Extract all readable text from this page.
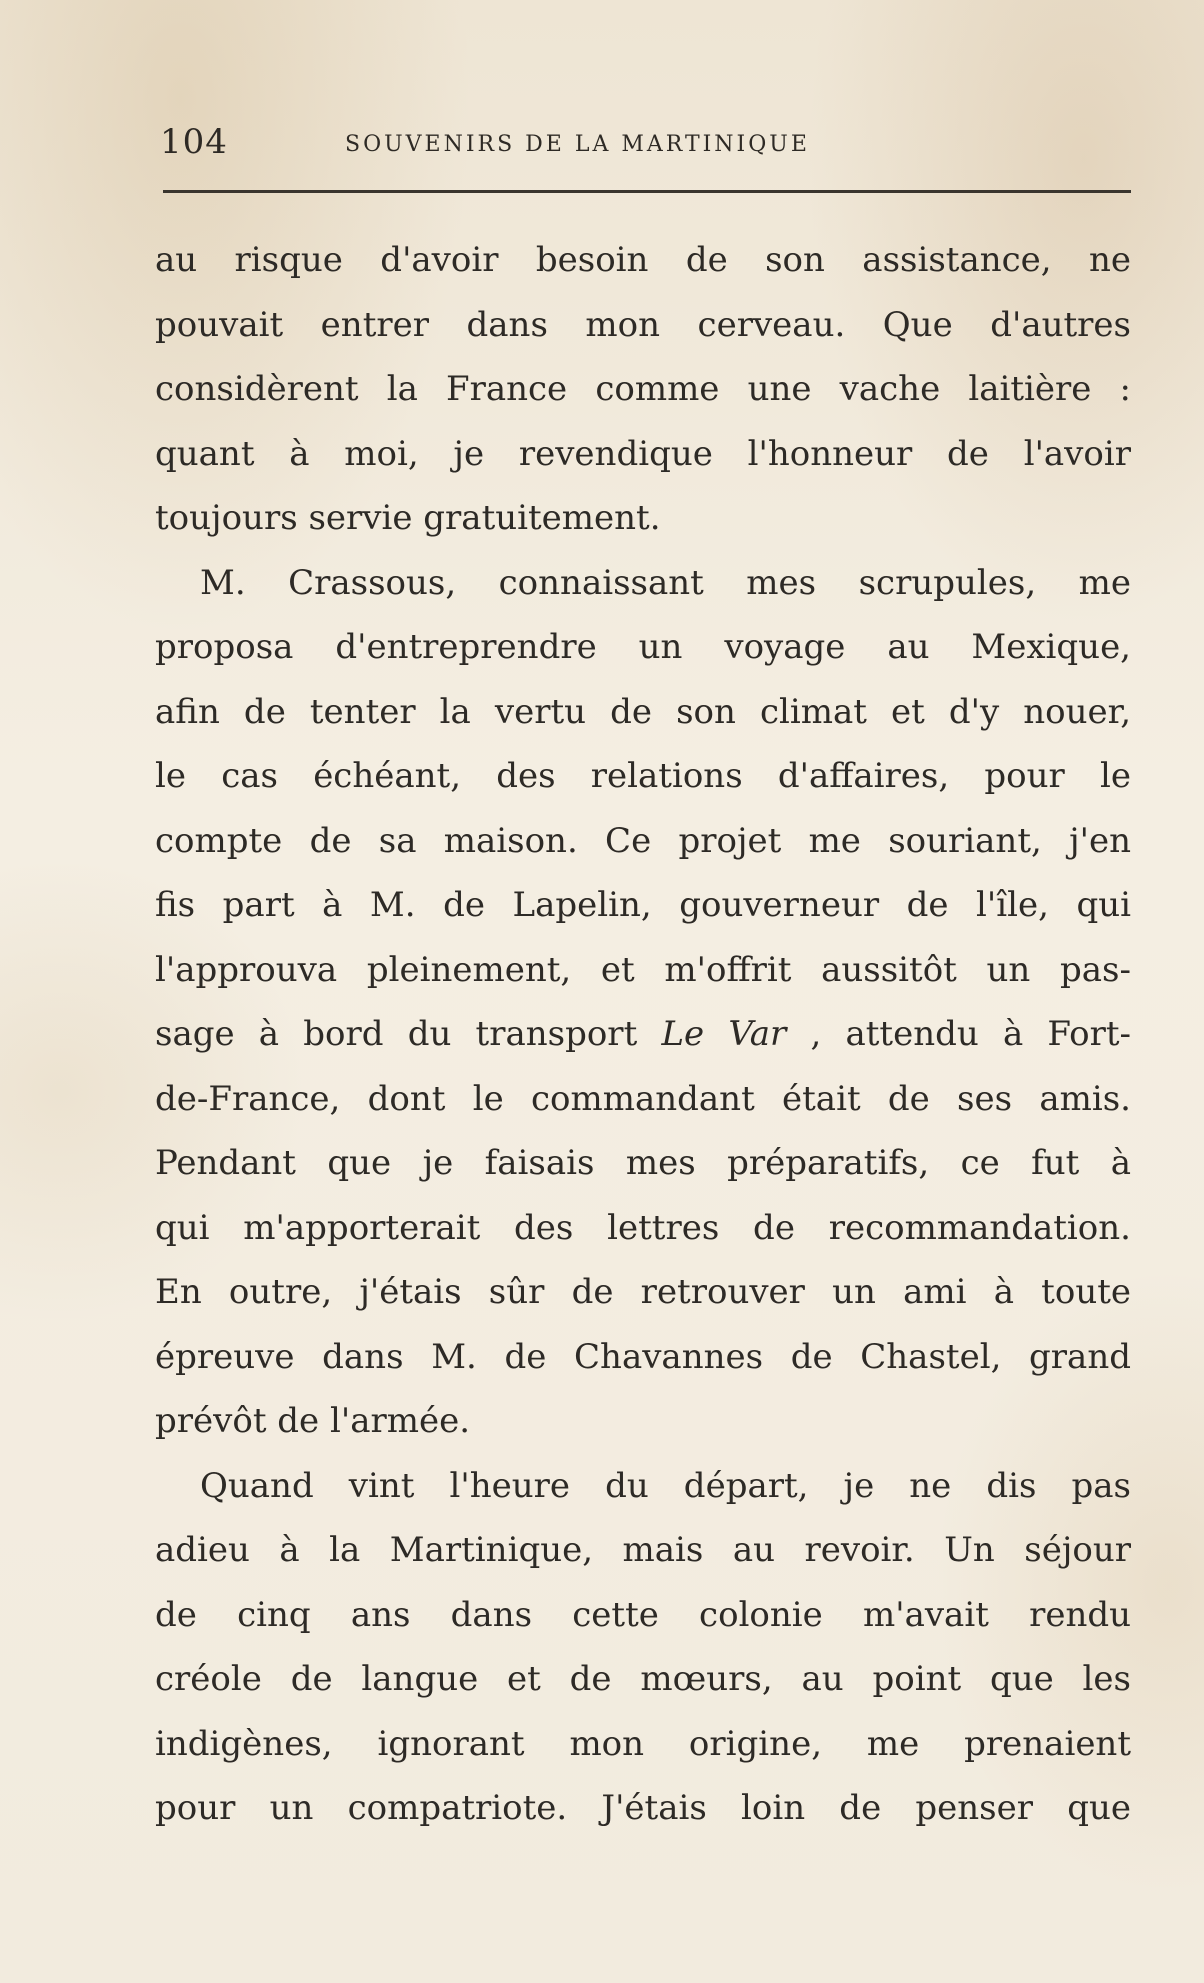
104	SOUVENIRS DE LA MARTINIQUE
au risque d'avoir besoin de son assistance, ne
pouvait entrer dans mon cerveau. Que d'autres
considèrent la France comme une vache laitière :
quant à moi, je revendique l'honneur de l'avoir
toujours servie gratuitement.
M. Crassous, connaissant mes scrupules, me
proposa d'entreprendre un voyage au Mexique,
afin de tenter la vertu de son climat et d'y nouer,
le cas échéant, des relations d'affaires, pour le
compte de sa maison. Ce projet me souriant, j'en
fis part à M. de Lapelin, gouverneur de l'île, qui
l'approuva pleinement, et m'offrit aussitôt un pas-
sage à bord du transport Le Var , attendu à Fort-
de-France, dont le commandant était de ses amis.
Pendant que je faisais mes préparatifs, ce fut à
qui m'apporterait des lettres de recommandation.
En outre, j'étais sûr de retrouver un ami à toute
épreuve dans M. de Chavannes de Chastel, grand
prévôt de l'armée.
Quand vint l'heure du départ, je ne dis pas
adieu à la Martinique, mais au revoir. Un séjour
de cinq ans dans cette colonie m'avait rendu
créole de langue et de mœurs, au point que les
indigènes, ignorant mon origine, me prenaient
pour un compatriote. J'étais loin de penser que
